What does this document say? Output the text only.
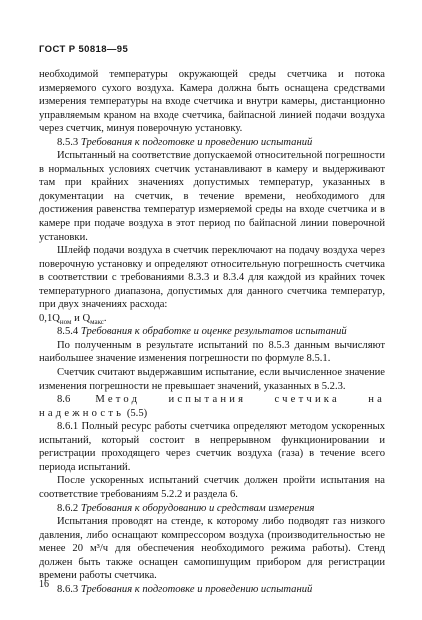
ГОСТ Р 50818—95

необходимой температуры окружающей среды счетчика и потока измеряемого сухого воздуха. Камера должна быть оснащена средствами измерения температуры на входе счетчика и внутри камеры, дистанционно управляемым краном на входе счетчика, байпасной линией подачи воздуха через счетчик, минуя поверочную установку.

8.5.3 Требования к подготовке и проведению испытаний

Испытанный на соответствие допускаемой относительной погрешности в нормальных условиях счетчик устанавливают в камеру и выдерживают там при крайних значениях допустимых температур, указанных в документации на счетчик, в течение времени, необходимого для достижения равенства температур измеряемой среды на входе счетчика и в камере при подаче воздуха в этот период по байпасной линии поверочной установки.

Шлейф подачи воздуха в счетчик переключают на подачу воздуха через поверочную установку и определяют относительную погрешность счетчика в соответствии с требованиями 8.3.3 и 8.3.4 для каждой из крайних точек температурного диапазона, допустимых для данного счетчика температур, при двух значениях расхода:

$0,1Q_{ном}$ и $Q_{макс}$.

8.5.4 Требования к обработке и оценке результатов испытаний

По полученным в результате испытаний по 8.5.3 данным вычисляют наибольшее значение изменения погрешности по формуле 8.5.1.

Счетчик считают выдержавшим испытание, если вычисленное значение изменения погрешности не превышает значений, указанных в 5.2.3.

8.6 Метод испытания счетчика на надежность (5.5)

8.6.1 Полный ресурс работы счетчика определяют методом ускоренных испытаний, который состоит в непрерывном функционировании и регистрации проходящего через счетчик воздуха (газа) в течение всего периода испытаний.

После ускоренных испытаний счетчик должен пройти испытания на соответствие требованиям 5.2.2 и раздела 6.

8.6.2 Требования к оборудованию и средствам измерения

Испытания проводят на стенде, к которому либо подводят газ низкого давления, либо оснащают компрессором воздуха (производительностью не менее 20 м³/ч для обеспечения необходимого режима работы). Стенд должен быть также оснащен самопишущим прибором для регистрации времени работы счетчика.

8.6.3 Требования к подготовке и проведению испытаний

16
